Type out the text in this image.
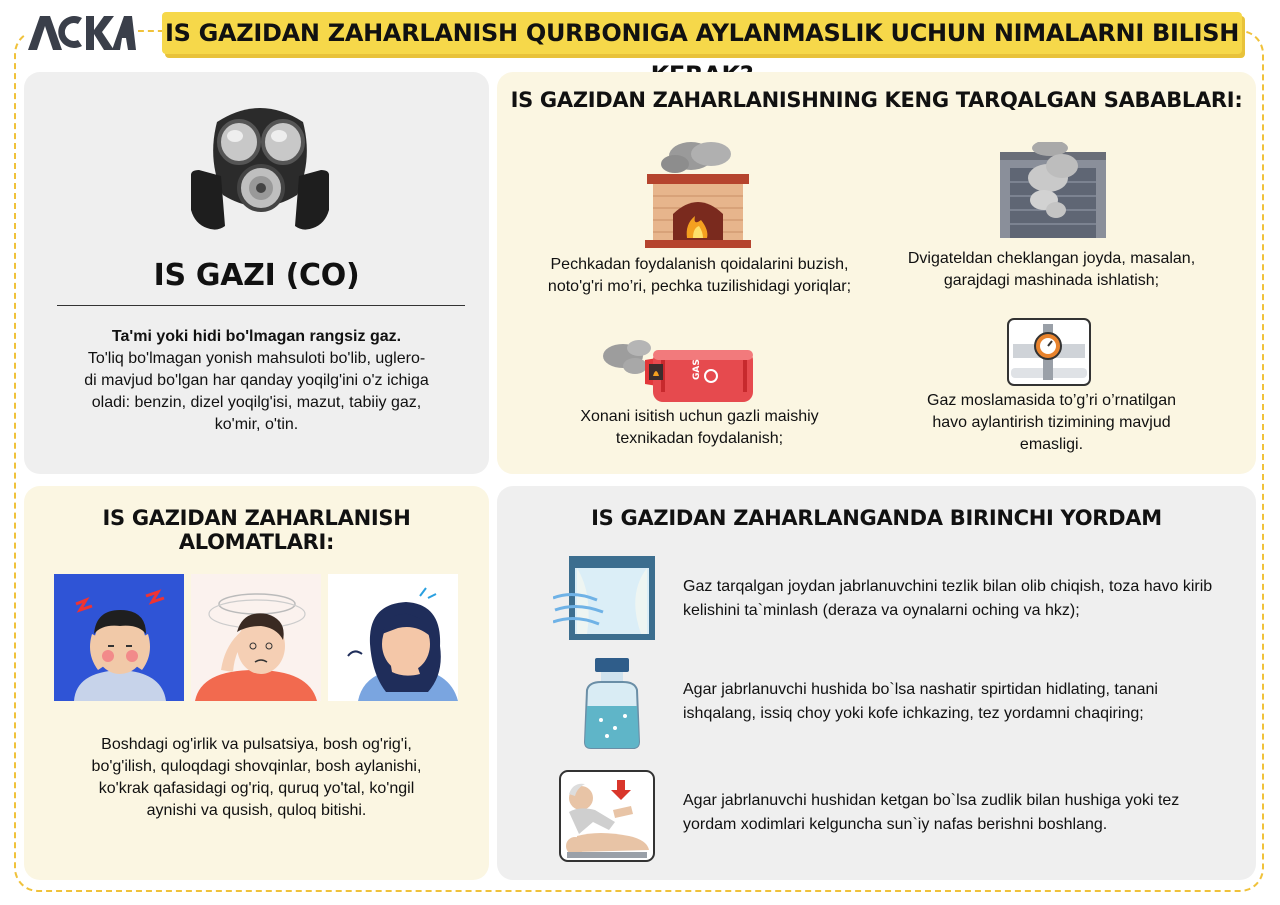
IS GAZIDAN ZAHARLANISH QURBONIGA AYLANMASLIK UCHUN NIMALARNI BILISH
IS GAZI (CO)
Ta'mi yoki hidi bo'lmagan rangsiz gaz.
To'liq bo'lmagan yonish mahsuloti bo'lib, uglero-
di mavjud bo'lgan har qanday yoqilg'ini o'z ichiga
oladi: benzin, dizel yoqilg'isi, mazut, tabiiy gaz,
ko'mir, o'tin.
IS GAZIDAN ZAHARLANISHNING KENG TARQALGAN SABABLARI:
Pechkadan foydalanish qoidalarini buzish,
noto'g'ri mo’ri, pechka tuzilishidagi yoriqlar;
Dvigateldan cheklangan joyda, masalan,
garajdagi mashinada ishlatish;
GAS
Xonani isitish uchun gazli maishiy
texnikadan foydalanish;
Gaz moslamasida to’g’ri o’rnatilgan
havo aylantirish tizimining mavjud
emasligi.
IS GAZIDAN ZAHARLANISH ALOMATLARI:
Boshdagi og'irlik va pulsatsiya, bosh og'rig'i,
bo'g'ilish, quloqdagi shovqinlar, bosh aylanishi,
ko'krak qafasidagi og'riq, quruq yo'tal, ko'ngil
aynishi va qusish, quloq bitishi.
IS GAZIDAN ZAHARLANGANDA BIRINCHI YORDAM
Gaz tarqalgan joydan jabrlanuvchini tezlik bilan olib chiqish, toza havo kirib
kelishini ta`minlash (deraza va oynalarni oching va hkz);
Agar jabrlanuvchi hushida bo`lsa nashatir spirtidan hidlating, tanani
ishqalang, issiq choy yoki kofe ichkazing, tez yordamni chaqiring;
Agar jabrlanuvchi hushidan ketgan bo`lsa zudlik bilan hushiga yoki tez
yordam xodimlari kelguncha sun`iy nafas berishni boshlang.
